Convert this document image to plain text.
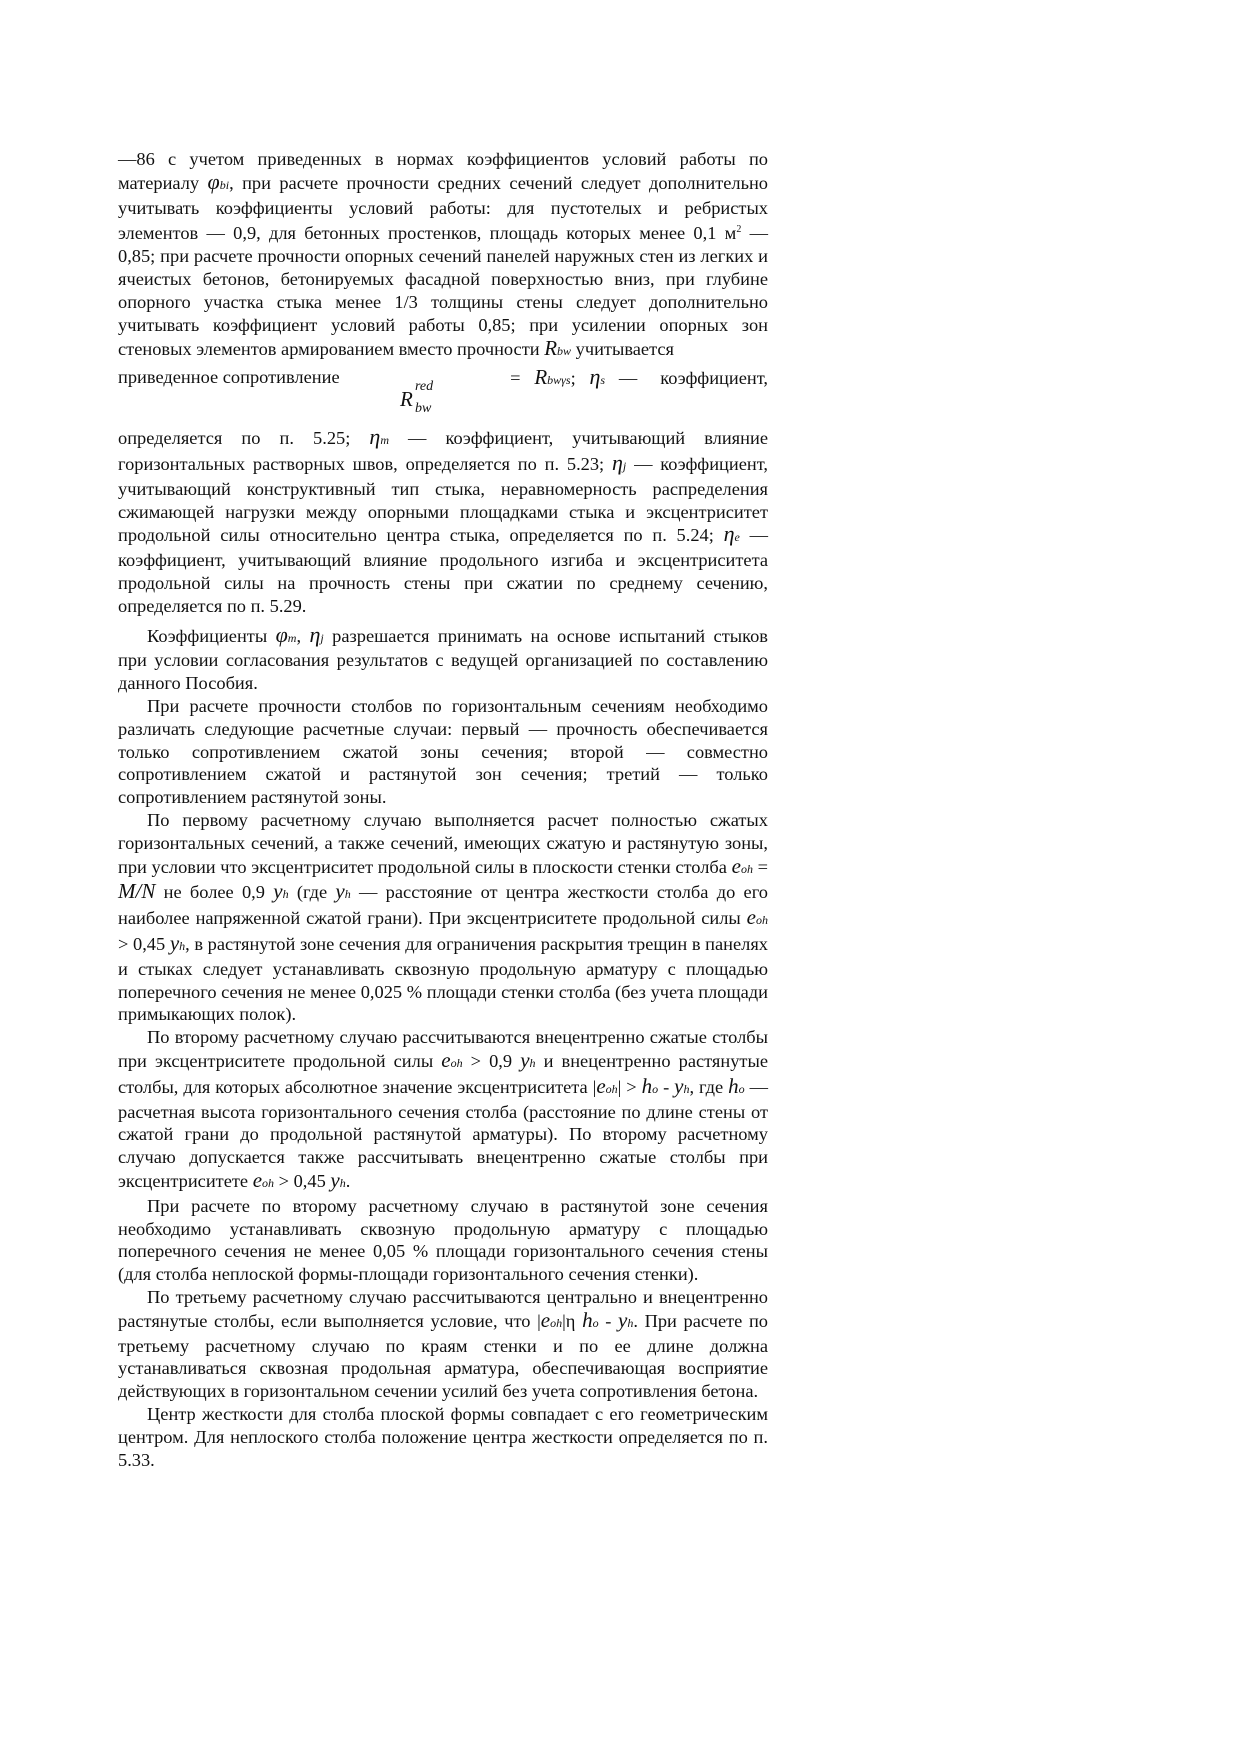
—86 с учетом приведенных в нормах коэффициентов условий работы по материалу φbi, при расчете прочности средних сечений следует дополнительно учитывать коэффициенты условий работы: для пустотелых и ребристых элементов — 0,9, для бетонных простенков, площадь которых менее 0,1 $м^2$ — 0,85; при расчете прочности опорных сечений панелей наружных стен из легких и ячеистых бетонов, бетонируемых фасадной поверхностью вниз, при глубине опорного участка стыка менее 1/3 толщины стены следует дополнительно учитывать коэффициент условий работы 0,85; при усилении опорных зон стеновых элементов армированием вместо прочности Rbw учитывается

приведенное сопротивление
R
red
bw
= Rbwγs; ηs — коэффициент,

определяется по п. 5.25; ηm — коэффициент, учитывающий влияние горизонтальных растворных швов, определяется по п. 5.23; ηj — коэффициент, учитывающий конструктивный тип стыка, неравномерность распределения сжимающей нагрузки между опорными площадками стыка и эксцентриситет продольной силы относительно центра стыка, определяется по п. 5.24; ηe —коэффициент, учитывающий влияние продольного изгиба и эксцентриситета продольной силы на прочность стены при сжатии по среднему сечению, определяется по п. 5.29.

Коэффициенты φm, ηj разрешается принимать на основе испытаний стыков при условии согласования результатов с ведущей организацией по составлению данного Пособия.

При расчете прочности столбов по горизонтальным сечениям необходимо различать следующие расчетные случаи: первый — прочность обеспечивается только сопротивлением сжатой зоны сечения; второй — совместно сопротивлением сжатой и растянутой зон сечения; третий — только сопротивлением растянутой зоны.

По первому расчетному случаю выполняется расчет полностью сжатых горизонтальных сечений, а также сечений, имеющих сжатую и растянутую зоны, при условии что эксцентриситет продольной силы в плоскости стенки столба eoh = M/N не более 0,9 yh (где yh — расстояние от центра жесткости столба до его наиболее напряженной сжатой грани). При эксцентриситете продольной силы eoh > 0,45 yh, в растянутой зоне сечения для ограничения раскрытия трещин в панелях и стыках следует устанавливать сквозную продольную арматуру с площадью поперечного сечения не менее 0,025 % площади стенки столба (без учета площади примыкающих полок).

По второму расчетному случаю рассчитываются внецентренно сжатые столбы при эксцентриситете продольной силы eoh > 0,9 yh и внецентренно растянутые столбы, для которых абсолютное значение эксцентриситета |eoh| > ho - yh, где ho — расчетная высота горизонтального сечения столба (расстояние по длине стены от сжатой грани до продольной растянутой арматуры). По второму расчетному случаю допускается также рассчитывать внецентренно сжатые столбы при эксцентриситете eoh > 0,45 yh.

При расчете по второму расчетному случаю в растянутой зоне сечения необходимо устанавливать сквозную продольную арматуру с площадью поперечного сечения не менее 0,05 % площади горизонтального сечения стены (для столба неплоской формы-площади горизонтального сечения стенки).

По третьему расчетному случаю рассчитываются центрально и внецентренно растянутые столбы, если выполняется условие, что |eoh|η ho - yh. При расчете по третьему расчетному случаю по краям стенки и по ее длине должна устанавливаться сквозная продольная арматура, обеспечивающая восприятие действующих в горизонтальном сечении усилий без учета сопротивления бетона.

Центр жесткости для столба плоской формы совпадает с его геометрическим центром. Для неплоского столба положение центра жесткости определяется по п. 5.33.
